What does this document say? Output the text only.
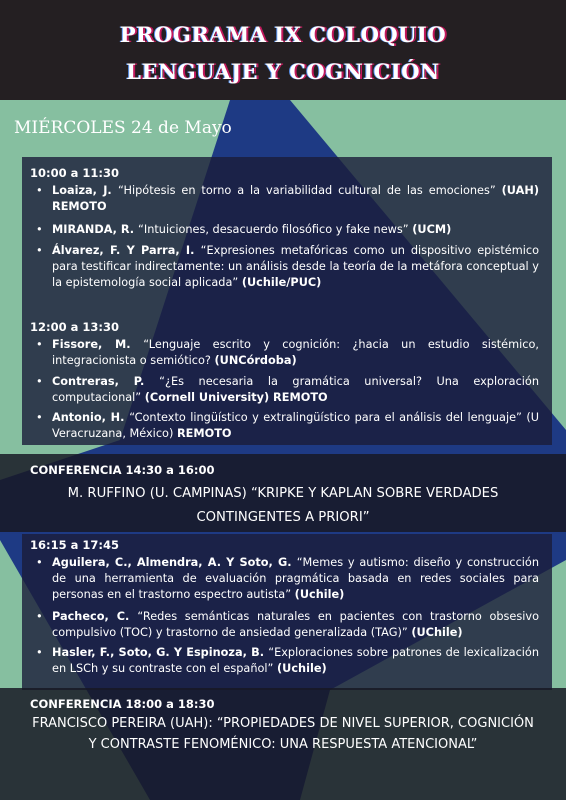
PROGRAMA IX COLOQUIO
LENGUAJE Y COGNICIÓN
MIÉRCOLES 24 de Mayo
10:00 a 11:30
• Loaiza, J. “Hipótesis en torno a la variabilidad cultural de las emociones” (UAH) REMOTO
• MIRANDA, R. “Intuiciones, desacuerdo filosófico y fake news” (UCM)
• Álvarez, F. Y Parra, I. “Expresiones metafóricas como un dispositivo epistémico para testificar indirectamente: un análisis desde la teoría de la metáfora conceptual y la epistemología social aplicada” (Uchile/PUC)
12:00 a 13:30
• Fissore, M. “Lenguaje escrito y cognición: ¿hacia un estudio sistémico, integracionista o semiótico? (UNCórdoba)
• Contreras, P. “¿Es necesaria la gramática universal? Una exploración computacional” (Cornell University) REMOTO
• Antonio, H. “Contexto lingüístico y extralingüístico para el análisis del lenguaje” (U Veracruzana, México) REMOTO
CONFERENCIA 14:30 a 16:00
M. RUFFINO (U. CAMPINAS) “KRIPKE Y KAPLAN SOBRE VERDADES CONTINGENTES A PRIORI”
16:15 a 17:45
• Aguilera, C., Almendra, A. Y Soto, G. “Memes y autismo: diseño y construcción de una herramienta de evaluación pragmática basada en redes sociales para personas en el trastorno espectro autista” (Uchile)
• Pacheco, C. “Redes semánticas naturales en pacientes con trastorno obsesivo compulsivo (TOC) y trastorno de ansiedad generalizada (TAG)” (UChile)
• Hasler, F., Soto, G. Y Espinoza, B. “Exploraciones sobre patrones de lexicalización en LSCh y su contraste con el español” (Uchile)
CONFERENCIA 18:00 a 18:30
FRANCISCO PEREIRA (UAH): “PROPIEDADES DE NIVEL SUPERIOR, COGNICIÓN Y CONTRASTE FENOMÉNICO: UNA RESPUESTA ATENCIONAL”
